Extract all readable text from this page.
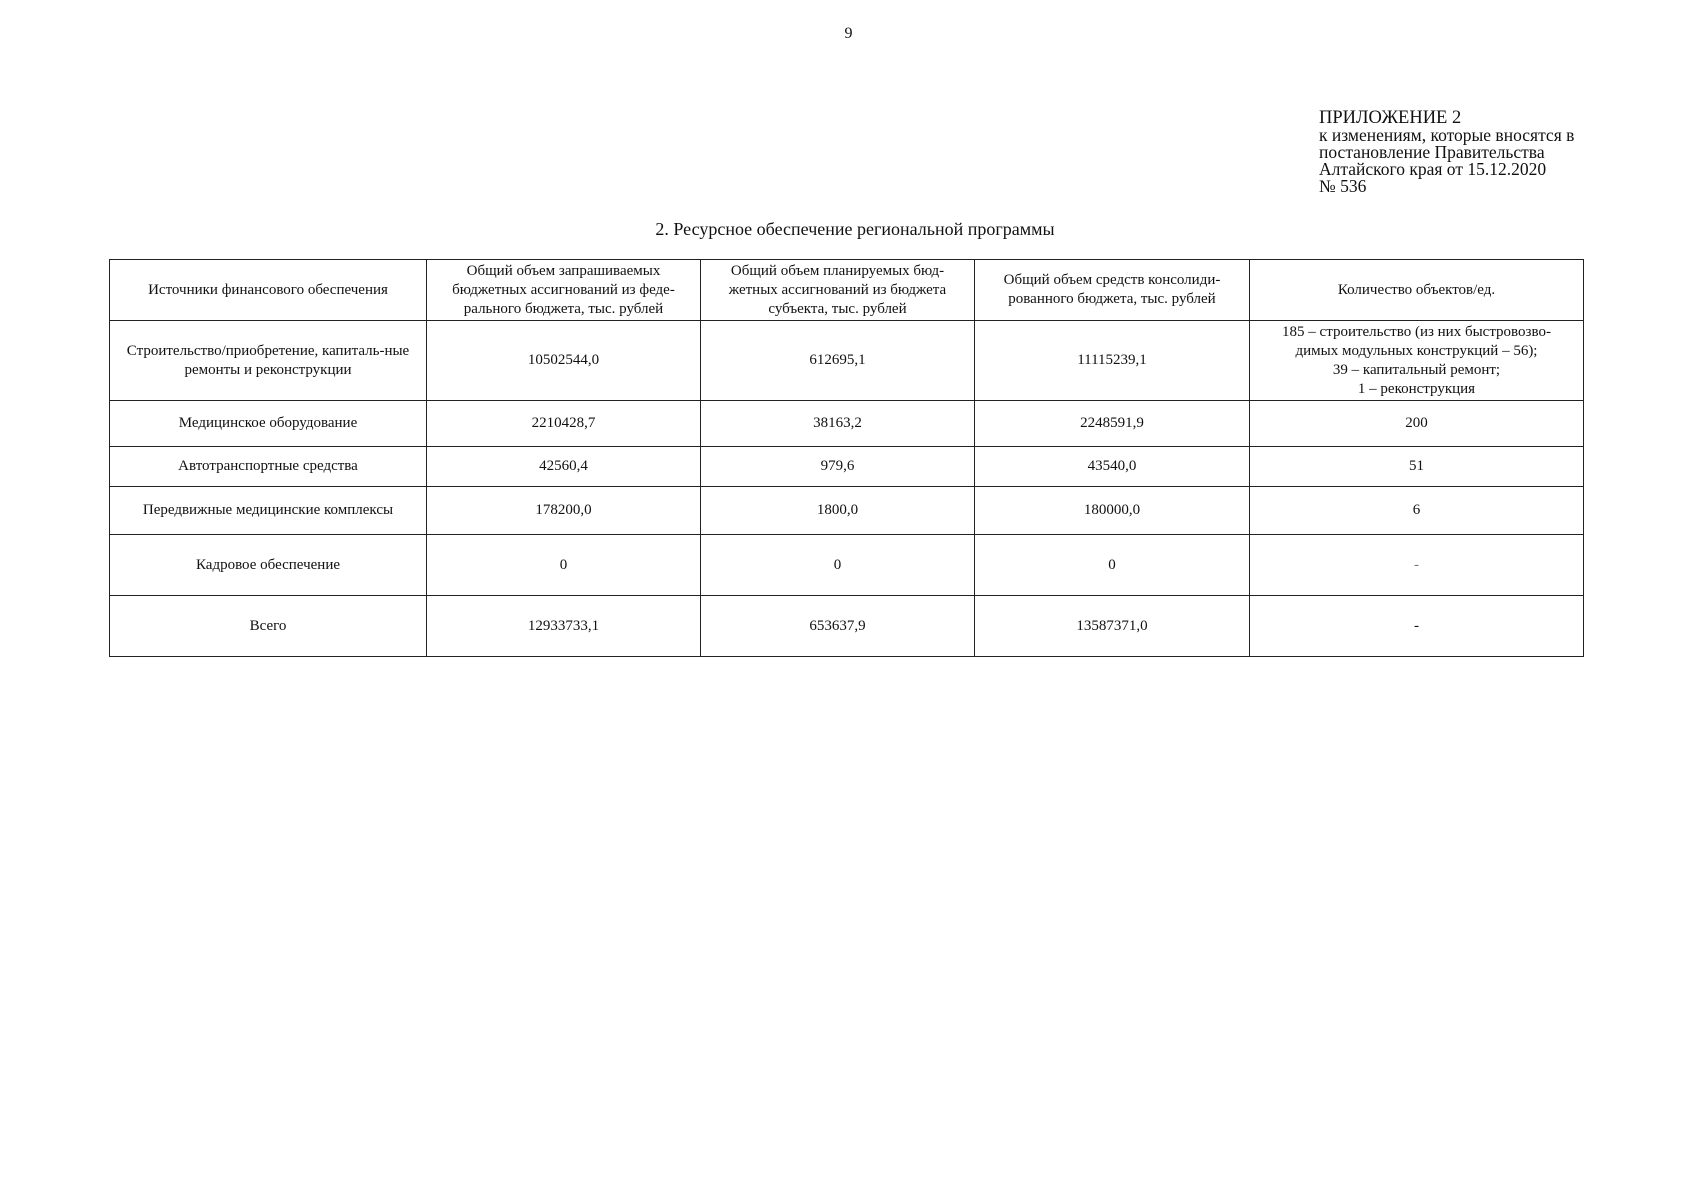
9
ПРИЛОЖЕНИЕ 2
к изменениям, которые вносятся в
постановление Правительства
Алтайского края от 15.12.2020
№ 536
2. Ресурсное обеспечение региональной программы
Источники финансового обеспечения	Общий объем запрашиваемых бюджетных ассигнований из феде-ральнoго бюджета, тыс. рублей	Общий объем планируемых бюд-жетных ассигнований из бюджета субъекта, тыс. рублей	Общий объем средств консолиди-рованного бюджета, тыс. рублей	Количество объектов/ед.
Строительство/приобретение, капиталь-ные ремонты и реконструкции	10502544,0	612695,1	11115239,1	185 – строительство (из них быстровозво-
димых модульных конструкций – 56);
39 – капитальный ремонт;
1 – реконструкция

Медицинское оборудование	2210428,7	38163,2	2248591,9	200
Автотранспортные средства	42560,4	979,6	43540,0	51
Передвижные медицинские комплексы	178200,0	1800,0	180000,0	6
Кадровое обеспечение	0	0	0	-
Всего	12933733,1	653637,9	13587371,0	-
